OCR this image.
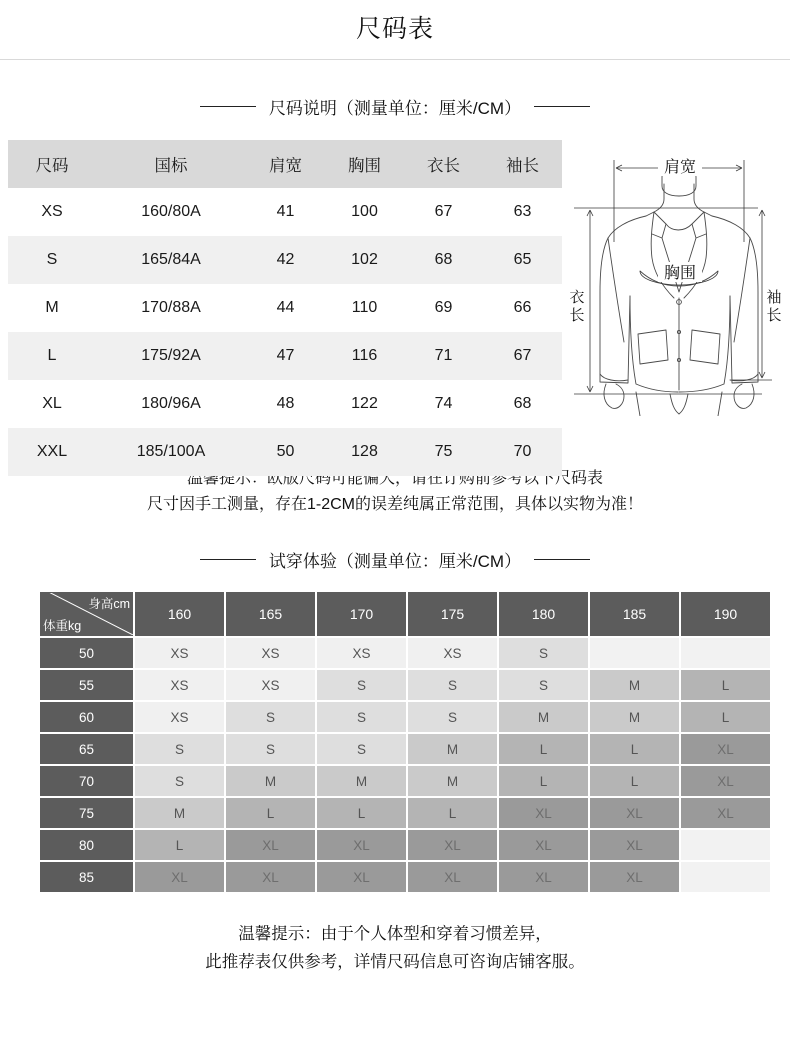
尺码表
尺码说明（测量单位：厘米/CM）
尺码	国标	肩宽	胸围	衣长	袖长
XS	160/80A	41	100	67	63
S	165/84A	42	102	68	65
M	170/88A	44	110	69	66
L	175/92A	47	116	71	67
XL	180/96A	48	122	74	68
XXL	185/100A	50	128	75	70
肩宽
胸围
衣
长
袖
长
温馨提示：欧版尺码可能偏大，请在订购前参考以下尺码表
尺寸因手工测量，存在1-2CM的误差纯属正常范围，具体以实物为准！
试穿体验（测量单位：厘米/CM）
身高cm
体重kg	160	165	170	175	180	185	190
50	XS	XS	XS	XS	S		
55	XS	XS	S	S	S	M	L
60	XS	S	S	S	M	M	L
65	S	S	S	M	L	L	XL
70	S	M	M	M	L	L	XL
75	M	L	L	L	XL	XL	XL
80	L	XL	XL	XL	XL	XL	
85	XL	XL	XL	XL	XL	XL	
温馨提示：由于个人体型和穿着习惯差异，
此推荐表仅供参考，详情尺码信息可咨询店铺客服。
